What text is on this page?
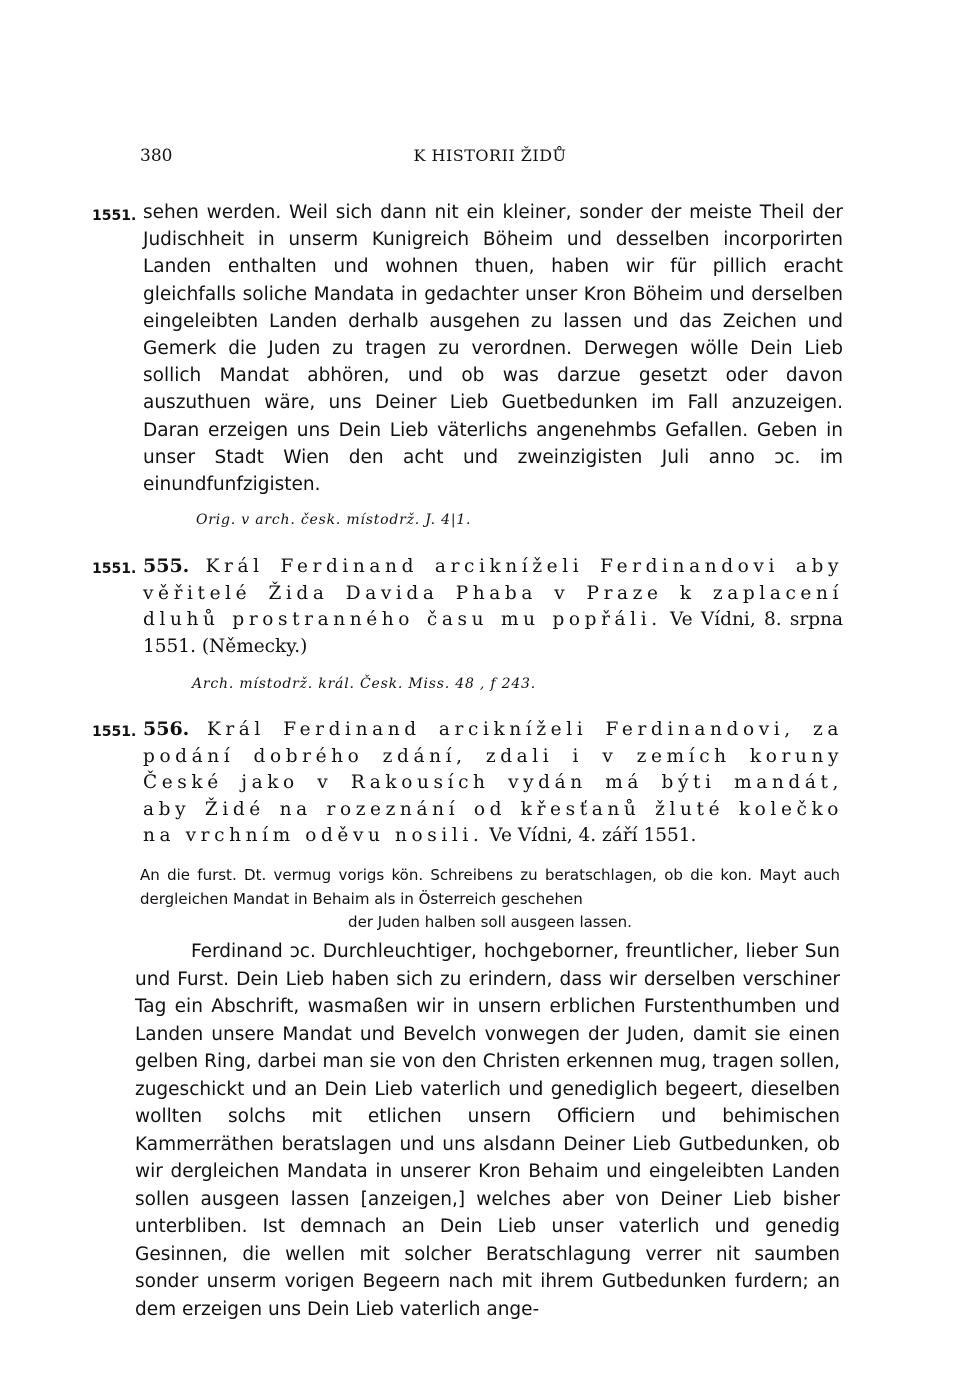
380	K HISTORII ŽIDŮ
1551. sehen werden. Weil sich dann nit ein kleiner, sonder der meiste Theil der Judischheit in unserm Kunigreich Böheim und desselben incorporirten Landen enthalten und wohnen thuen, haben wir für pillich eracht gleichfalls soliche Mandata in gedachter unser Kron Böheim und derselben eingeleibten Landen derhalb ausgehen zu lassen und das Zeichen und Gemerk die Juden zu tragen zu verordnen. Derwegen wölle Dein Lieb sollich Mandat abhören, und ob was darzue gesetzt oder davon auszuthuen wäre, uns Deiner Lieb Guetbedunken im Fall anzuzeigen. Daran erzeigen uns Dein Lieb väterlichs angenehmbs Gefallen. Geben in unser Stadt Wien den acht und zweinzigisten Juli anno ɔc. im einundfunfzigisten.

Orig. v arch. česk. místodrž. J. 4|1.
1551. 555. Král Ferdinand arcikníželi Ferdinandovi aby věřitelé Žida Davida Phaba v Praze k zaplacení dluhů prostranného času mu popřáli. Ve Vídni, 8. srpna 1551. (Německy.)

Arch. místodrž. král. Česk. Miss. 48 , f 243.
1551. 556. Král Ferdinand arcikníželi Ferdinandovi, za podání dobrého zdání, zdali i v zemích koruny České jako v Rakousích vydán má býti mandát, aby Židé na rozeznání od křesťanů žluté kolečko na vrchním oděvu nosili. Ve Vídni, 4. září 1551.

An die furst. Dt. vermug vorigs kön. Schreibens zu beratschlagen, ob die kon. Mayt auch dergleichen Mandat in Behaim als in Österreich geschehen
der Juden halben soll ausgeen lassen.

Ferdinand ɔc. Durchleuchtiger, hochgeborner, freuntlicher, lieber Sun und Furst. Dein Lieb haben sich zu erindern, dass wir derselben verschiner Tag ein Abschrift, wasmaßen wir in unsern erblichen Furstenthumben und Landen unsere Mandat und Bevelch vonwegen der Juden, damit sie einen gelben Ring, darbei man sie von den Christen erkennen mug, tragen sollen, zugeschickt und an Dein Lieb vaterlich und genediglich begeert, dieselben wollten solchs mit etlichen unsern Officiern und behimischen Kammerräthen beratslagen und uns alsdann Deiner Lieb Gutbedunken, ob wir dergleichen Mandata in unserer Kron Behaim und eingeleibten Landen sollen ausgeen lassen [anzeigen,] welches aber von Deiner Lieb bisher unterbliben. Ist demnach an Dein Lieb unser vaterlich und genedig Gesinnen, die wellen mit solcher Beratschlagung verrer nit saumben sonder unserm vorigen Begeern nach mit ihrem Gutbedunken furdern; an dem erzeigen uns Dein Lieb vaterlich ange-
